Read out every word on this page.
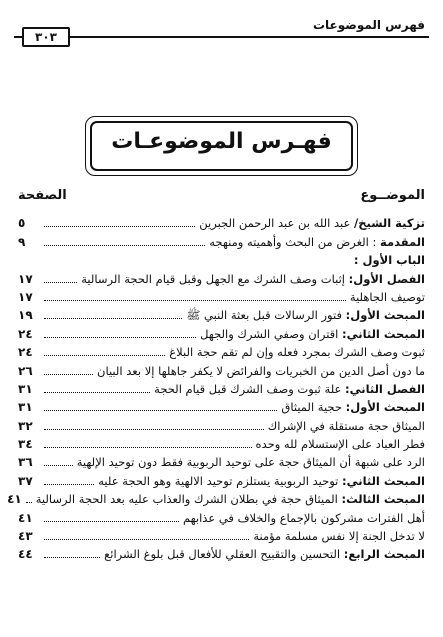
فهرس الموضوعات
٣٠٣
فهـرس الموضوعـات
الموضــوع
الصفحة
تزكية الشيخ/ عبد الله بن عبد الرحمن الجبرين
٥
المقدمة : الغرض من البحث وأهميته ومنهجه
٩
الباب الأول :
الفصل الأول: إثبات وصف الشرك مع الجهل وقبل قيام الحجة الرسالية
١٧
توصيف الجاهلية
١٧
المبحث الأول: فتور الرسالات قبل بعثة النبي ﷺ
١٩
المبحث الثاني: اقتران وصفي الشرك والجهل
٢٤
ثبوت وصف الشرك بمجرد فعله وإن لم تقم حجة البلاغ
٢٤
ما دون أصل الدين من الخبريات والفرائض لا يكفر جاهلها إلا بعد البيان
٢٦
الفصل الثاني: علة ثبوت وصف الشرك قبل قيام الحجة
٣١
المبحث الأول: حجية الميثاق
٣١
الميثاق حجة مستقلة في الإشراك
٣٢
فطر العباد على الإستسلام لله وحده
٣٤
الرد على شبهة أن الميثاق حجة على توحيد الربوبية فقط دون توحيد الإلهية
٣٦
المبحث الثاني: توحيد الربوبية يستلزم توحيد الالهية وهو الحجة عليه
٣٧
المبحث الثالث: الميثاق حجة في بطلان الشرك والعذاب عليه بعد الحجة الرسالية
٤١
أهل الفترات مشركون بالإجماع والخلاف في عذابهم
٤١
لا تدخل الجنة إلا نفس مسلمة مؤمنة
٤٣
المبحث الرابع: التحسين والتقبيح العقلي للأفعال قبل بلوغ الشرائع
٤٤
